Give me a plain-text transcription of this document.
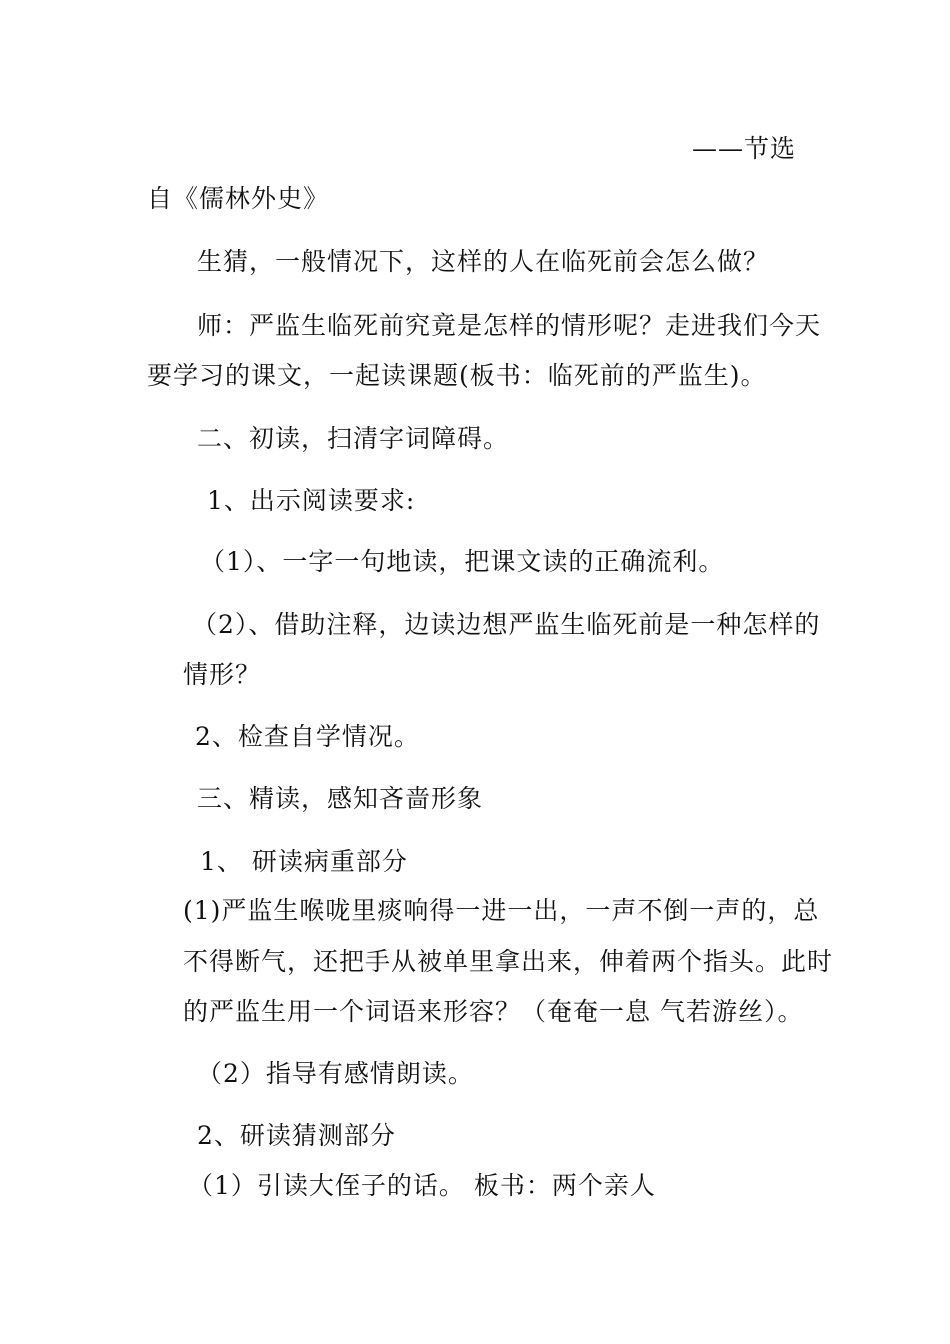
——节选
自《儒林外史》
生猜，一般情况下，这样的人在临死前会怎么做？
师：严监生临死前究竟是怎样的情形呢？走进我们今天
要学习的课文，一起读课题(板书：临死前的严监生)。
二、初读，扫清字词障碍。
1、出示阅读要求:
（1）、一字一句地读，把课文读的正确流利。
（2）、借助注释，边读边想严监生临死前是一种怎样的
情形？
2、检查自学情况。
三、精读，感知吝啬形象
1、 研读病重部分
(1)严监生喉咙里痰响得一进一出，一声不倒一声的，总
不得断气，还把手从被单里拿出来，伸着两个指头。此时
的严监生用一个词语来形容？（奄奄一息 气若游丝）。
（2）指导有感情朗读。
2、研读猜测部分
（1）引读大侄子的话。 板书：两个亲人
